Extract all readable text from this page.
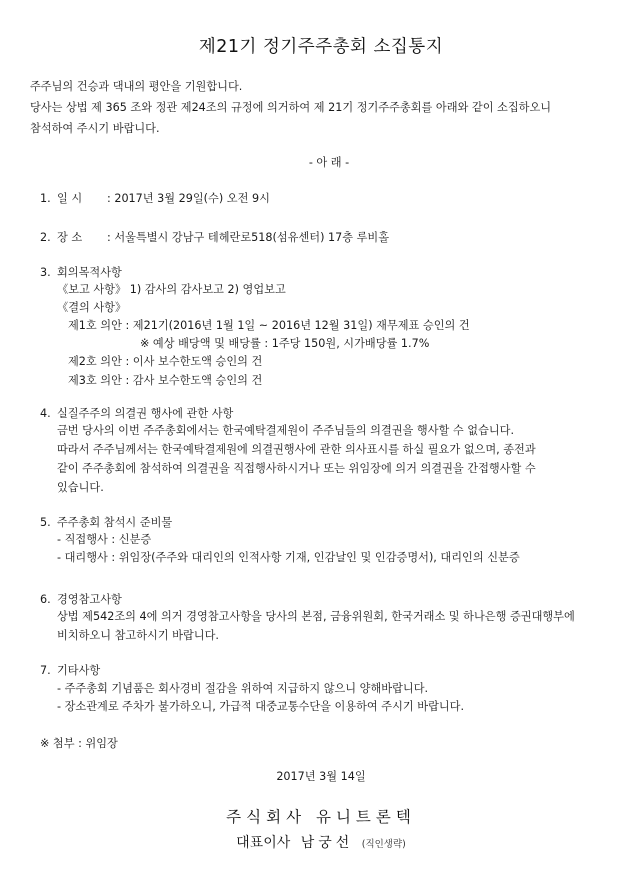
제21기 정기주주총회 소집통지
주주님의 건승과 댁내의 평안을 기원합니다.
당사는 상법 제 365 조와 정관 제24조의 규정에 의거하여 제 21기 정기주주총회를 아래와 같이 소집하오니
참석하여 주시기 바랍니다.
- 아 래 -
1. 일 시 : 2017년 3월 29일(수) 오전 9시
2. 장 소 : 서울특별시 강남구 테헤란로518(섬유센터) 17층 루비홀
3. 회의목적사항
《보고 사항》 1) 감사의 감사보고 2) 영업보고
《결의 사항》
제1호 의안 : 제21기(2016년 1월 1일 ~ 2016년 12월 31일) 재무제표 승인의 건
※ 예상 배당액 및 배당률 : 1주당 150원, 시가배당률 1.7%
제2호 의안 : 이사 보수한도액 승인의 건
제3호 의안 : 감사 보수한도액 승인의 건
4. 실질주주의 의결권 행사에 관한 사항
금번 당사의 이번 주주총회에서는 한국예탁결제원이 주주님들의 의결권을 행사할 수 없습니다.
따라서 주주님께서는 한국예탁결제원에 의결권행사에 관한 의사표시를 하실 필요가 없으며, 종전과
같이 주주총회에 참석하여 의결권을 직접행사하시거나 또는 위임장에 의거 의결권을 간접행사할 수
있습니다.
5. 주주총회 참석시 준비물
- 직접행사 : 신분증
- 대리행사 : 위임장(주주와 대리인의 인적사항 기재, 인감날인 및 인감증명서), 대리인의 신분증
6. 경영참고사항
상법 제542조의 4에 의거 경영참고사항을 당사의 본점, 금융위원회, 한국거래소 및 하나은행 증권대행부에
비치하오니 참고하시기 바랍니다.
7. 기타사항
- 주주총회 기념품은 회사경비 절감을 위하여 지급하지 않으니 양해바랍니다.
- 장소관계로 주차가 불가하오니, 가급적 대중교통수단을 이용하여 주시기 바랍니다.
※ 첨부 : 위임장
2017년 3월 14일
주식회사 유니트론텍
대표이사 남궁선 (직인생략)
